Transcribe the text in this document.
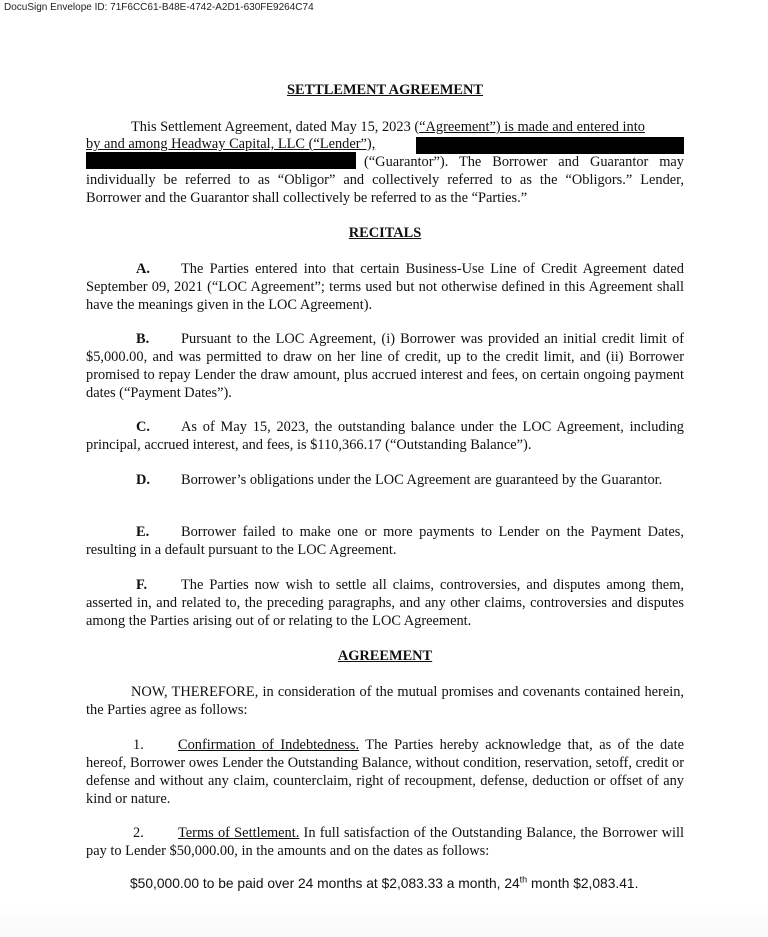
DocuSign Envelope ID: 71F6CC61-B48E-4742-A2D1-630FE9264C74

SETTLEMENT AGREEMENT

This Settlement Agreement, dated May 15, 2023 (“Agreement”) is made and entered into

by and among Headway Capital, LLC (“Lender”),

(“Guarantor”). The Borrower and Guarantor may

individually be referred to as “Obligor” and collectively referred to as the “Obligors.” Lender,

Borrower and the Guarantor shall collectively be referred to as the “Parties.”

RECITALS

A. The Parties entered into that certain Business-Use Line of Credit Agreement dated September 09, 2021 (“LOC Agreement”; terms used but not otherwise defined in this Agreement shall have the meanings given in the LOC Agreement).

B. Pursuant to the LOC Agreement, (i) Borrower was provided an initial credit limit of $5,000.00, and was permitted to draw on her line of credit, up to the credit limit, and (ii) Borrower promised to repay Lender the draw amount, plus accrued interest and fees, on certain ongoing payment dates (“Payment Dates”).

C. As of May 15, 2023, the outstanding balance under the LOC Agreement, including principal, accrued interest, and fees, is $110,366.17 (“Outstanding Balance”).

D. Borrower’s obligations under the LOC Agreement are guaranteed by the Guarantor.

E. Borrower failed to make one or more payments to Lender on the Payment Dates, resulting in a default pursuant to the LOC Agreement.

F. The Parties now wish to settle all claims, controversies, and disputes among them, asserted in, and related to, the preceding paragraphs, and any other claims, controversies and disputes among the Parties arising out of or relating to the LOC Agreement.

AGREEMENT

NOW, THEREFORE, in consideration of the mutual promises and covenants contained herein, the Parties agree as follows:

1. Confirmation of Indebtedness. The Parties hereby acknowledge that, as of the date hereof, Borrower owes Lender the Outstanding Balance, without condition, reservation, setoff, credit or defense and without any claim, counterclaim, right of recoupment, defense, deduction or offset of any kind or nature.

2. Terms of Settlement. In full satisfaction of the Outstanding Balance, the Borrower will pay to Lender $50,000.00, in the amounts and on the dates as follows:

$50,000.00 to be paid over 24 months at $2,083.33 a month, 24th month $2,083.41.
